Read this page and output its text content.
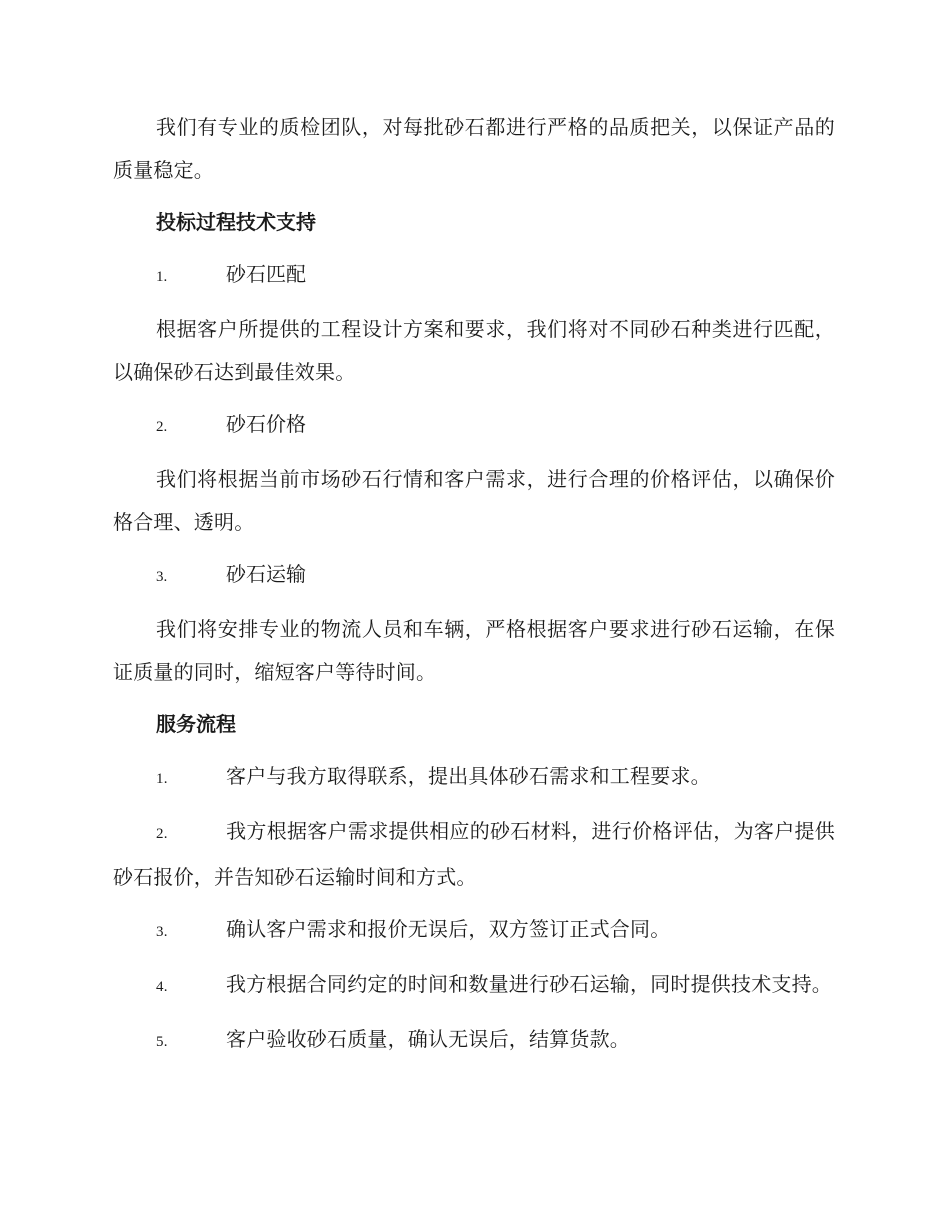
我们有专业的质检团队，对每批砂石都进行严格的品质把关，以保证产品的质量稳定。

投标过程技术支持
1.	砂石匹配

根据客户所提供的工程设计方案和要求，我们将对不同砂石种类进行匹配，以确保砂石达到最佳效果。

2.	砂石价格

我们将根据当前市场砂石行情和客户需求，进行合理的价格评估，以确保价格合理、透明。

3.	砂石运输

我们将安排专业的物流人员和车辆，严格根据客户要求进行砂石运输，在保证质量的同时，缩短客户等待时间。

服务流程
1.	客户与我方取得联系，提出具体砂石需求和工程要求。
2.	我方根据客户需求提供相应的砂石材料，进行价格评估，为客户提供砂石报价，并告知砂石运输时间和方式。
3.	确认客户需求和报价无误后，双方签订正式合同。
4.	我方根据合同约定的时间和数量进行砂石运输，同时提供技术支持。
5.	客户验收砂石质量，确认无误后，结算货款。
